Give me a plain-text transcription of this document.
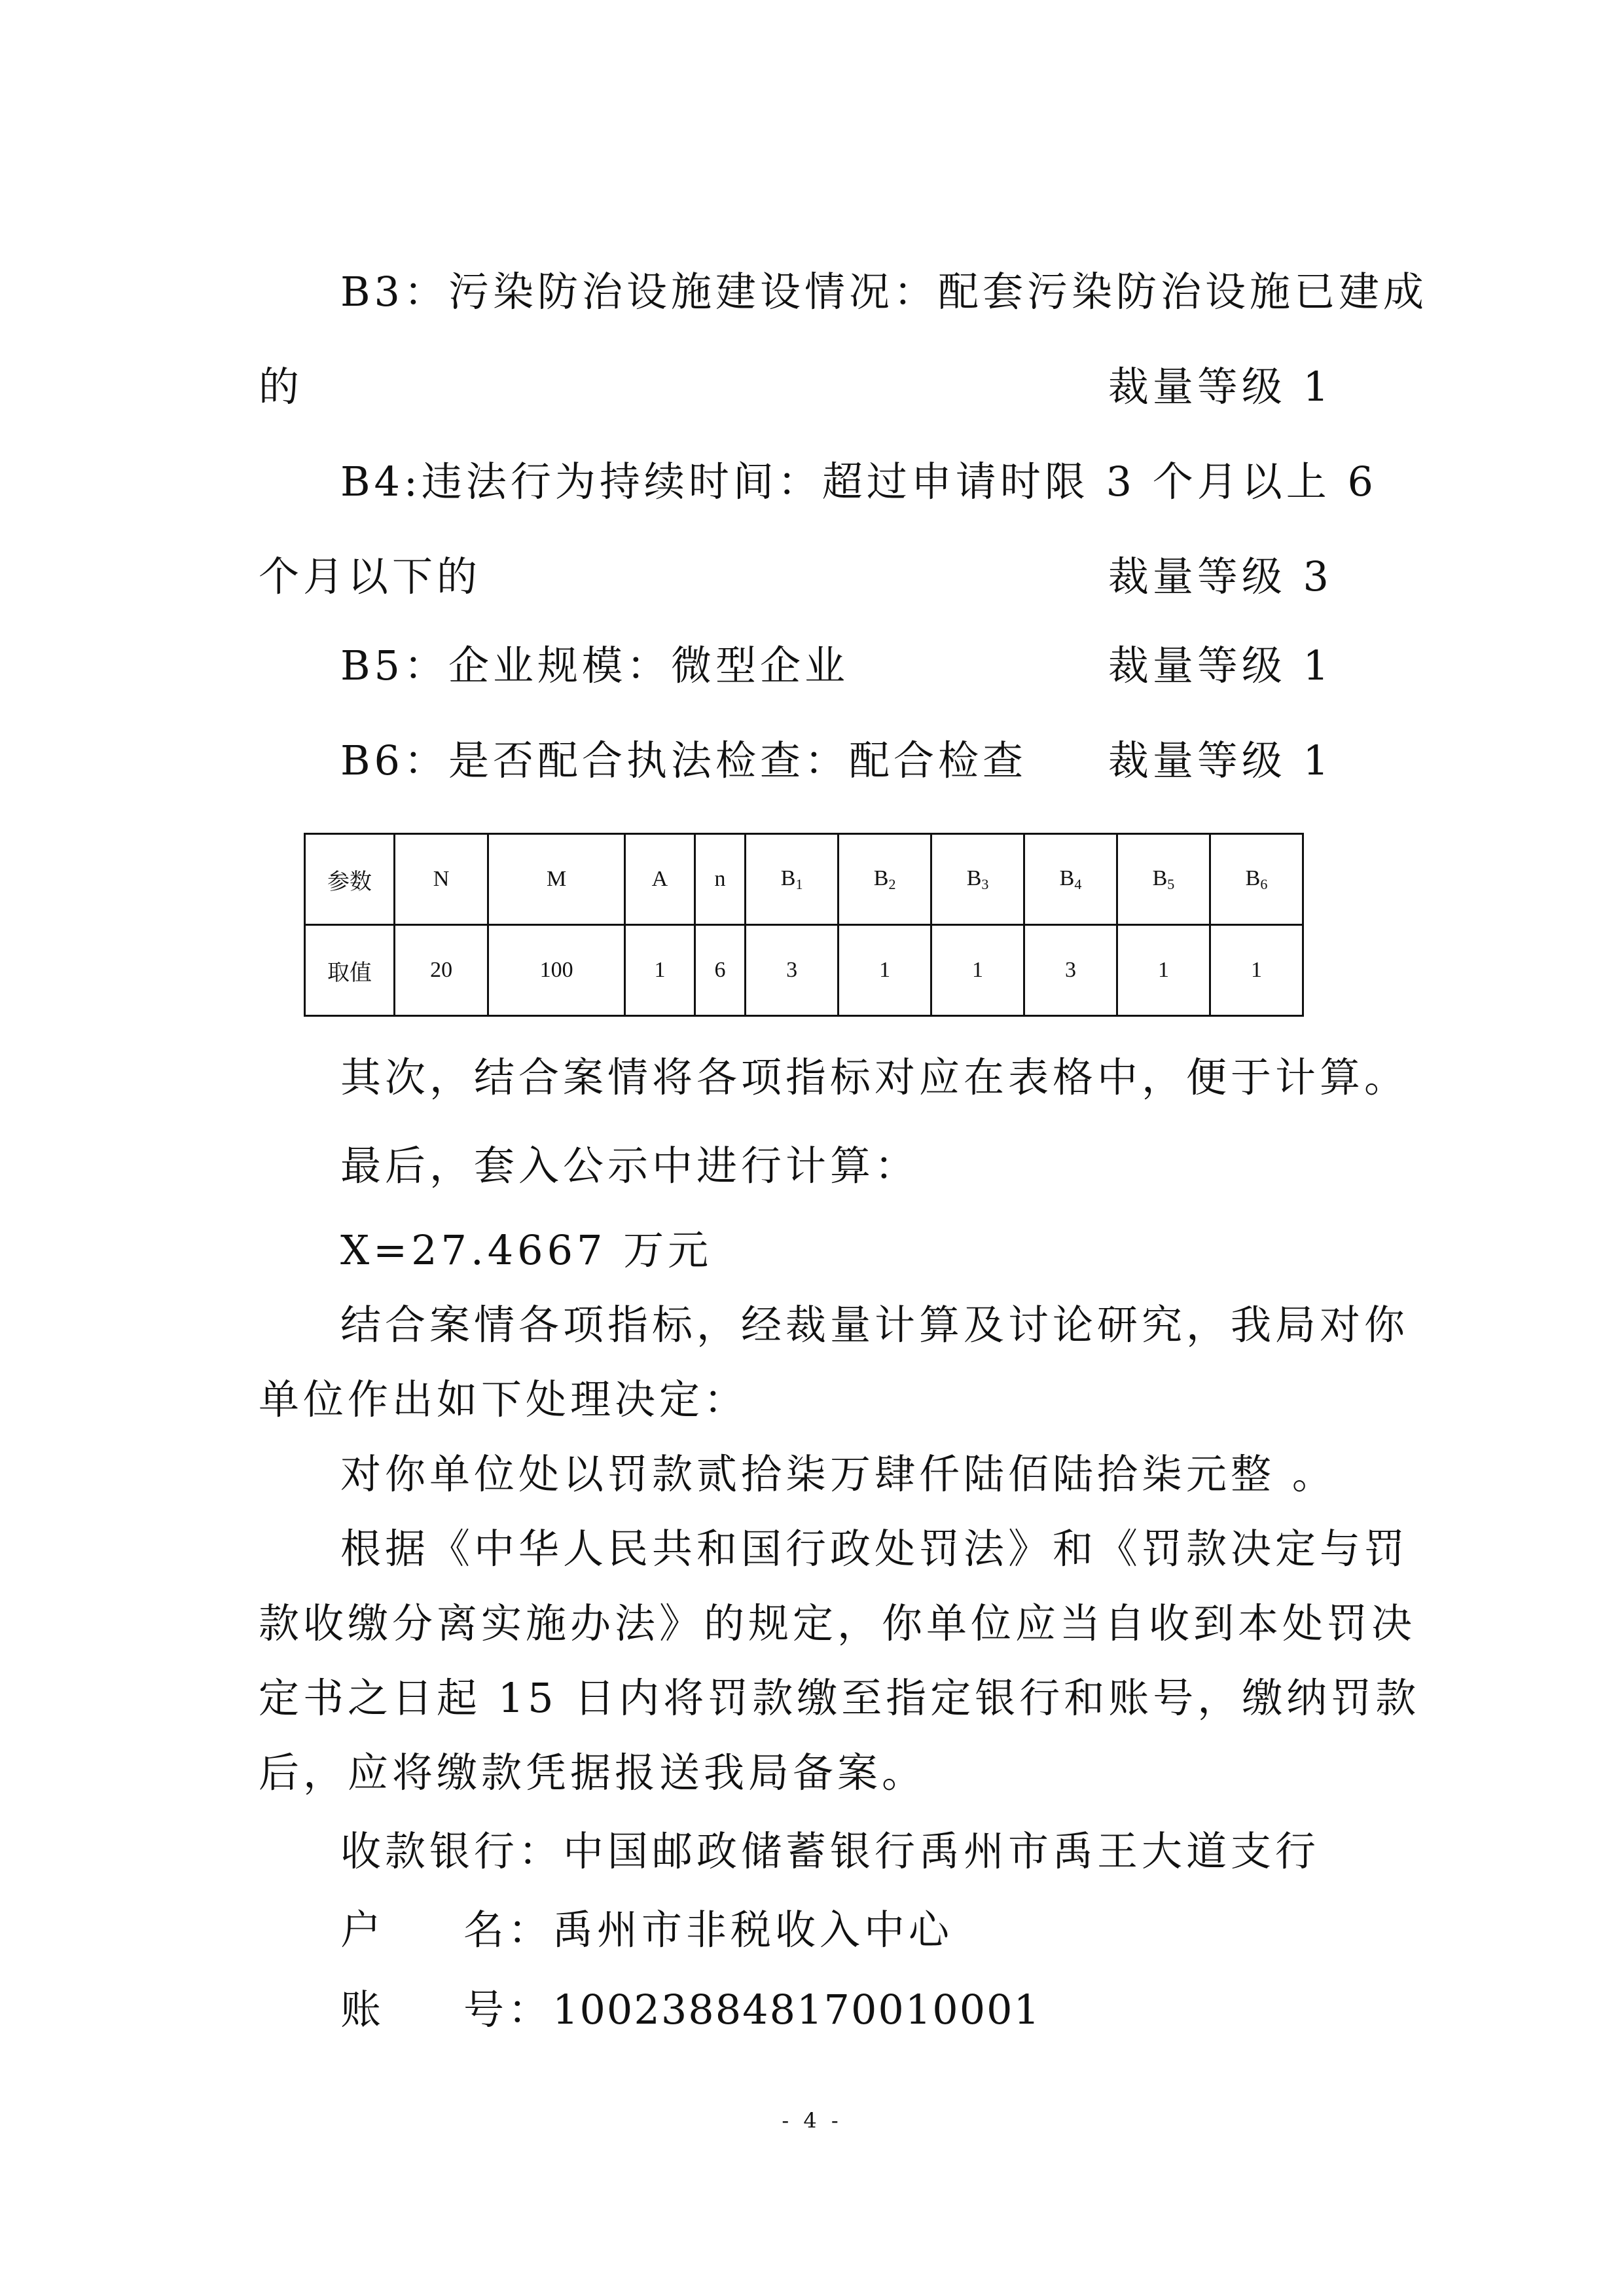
B3：污染防治设施建设情况：配套污染防治设施已建成
的	裁量等级 1
B4:违法行为持续时间：超过申请时限 3 个月以上 6
个月以下的	裁量等级 3
B5：企业规模：微型企业	裁量等级 1
B6：是否配合执法检查：配合检查 裁量等级 1
参数	N	M	A	n	$B_1$	$B_2$	$B_3$	$B_4$	$B_5$	$B_6$
取值	20	100	1	6	3	1	1	3	1	1
其次，结合案情将各项指标对应在表格中，便于计算。
最后，套入公示中进行计算：
X=27.4667 万元
结合案情各项指标，经裁量计算及讨论研究，我局对你
单位作出如下处理决定：
对你单位处以罚款贰拾柒万肆仟陆佰陆拾柒元整 。
根据《中华人民共和国行政处罚法》和《罚款决定与罚
款收缴分离实施办法》的规定，你单位应当自收到本处罚决
定书之日起 15 日内将罚款缴至指定银行和账号，缴纳罚款
后，应将缴款凭据报送我局备案。
收款银行：中国邮政储蓄银行禹州市禹王大道支行
户 名：禹州市非税收入中心
账 号：100238848170010001
- 4 -
